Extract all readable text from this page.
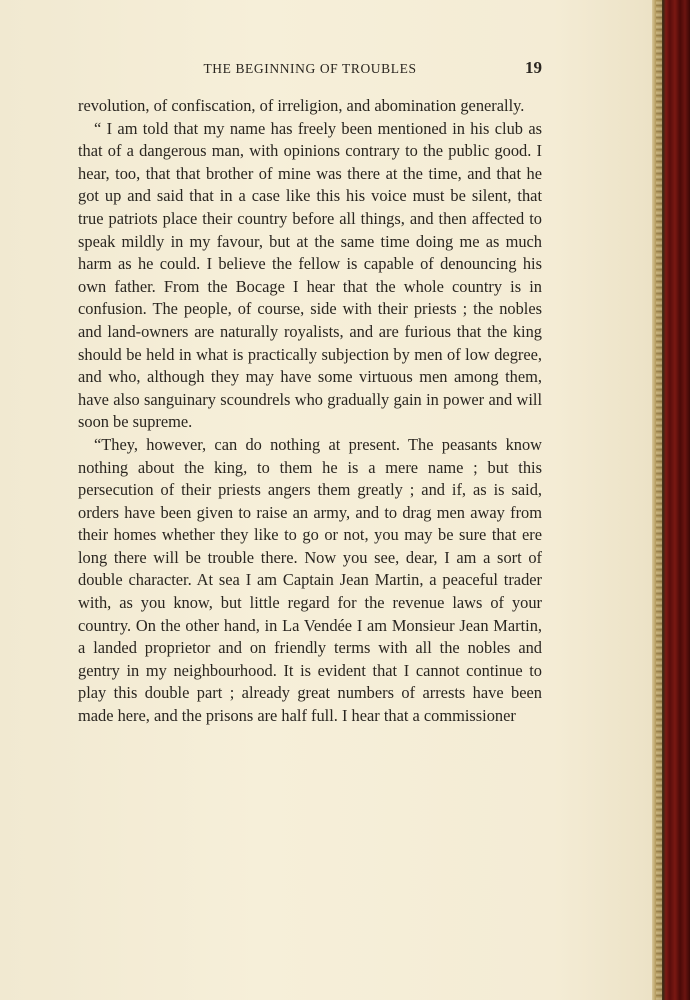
THE BEGINNING OF TROUBLES	19

revolution, of confiscation, of irreligion, and abomination generally.

“ I am told that my name has freely been mentioned in his club as that of a dangerous man, with opinions contrary to the public good. I hear, too, that that brother of mine was there at the time, and that he got up and said that in a case like this his voice must be silent, that true patriots place their country before all things, and then affected to speak mildly in my favour, but at the same time doing me as much harm as he could. I believe the fellow is capable of denouncing his own father. From the Bocage I hear that the whole country is in confusion. The people, of course, side with their priests ; the nobles and land-owners are naturally royalists, and are furious that the king should be held in what is practically subjection by men of low degree, and who, although they may have some virtuous men among them, have also sanguinary scoundrels who gradually gain in power and will soon be supreme.

“They, however, can do nothing at present. The peasants know nothing about the king, to them he is a mere name ; but this persecution of their priests angers them greatly ; and if, as is said, orders have been given to raise an army, and to drag men away from their homes whether they like to go or not, you may be sure that ere long there will be trouble there. Now you see, dear, I am a sort of double character. At sea I am Captain Jean Martin, a peaceful trader with, as you know, but little regard for the revenue laws of your country. On the other hand, in La Vendée I am Monsieur Jean Martin, a landed proprietor and on friendly terms with all the nobles and gentry in my neighbourhood. It is evident that I cannot continue to play this double part ; already great numbers of arrests have been made here, and the prisons are half full. I hear that a commissioner
